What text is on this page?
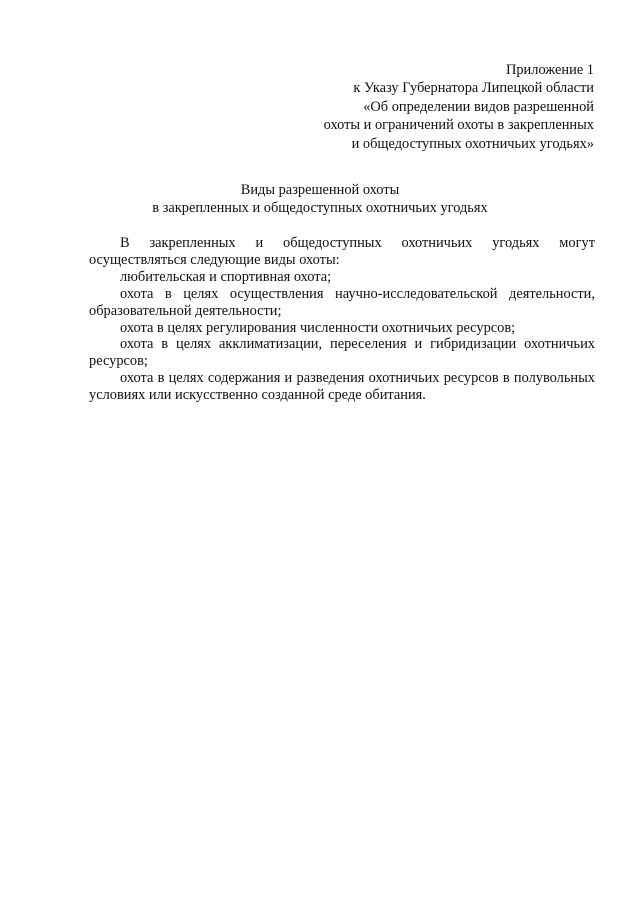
Приложение 1
к Указу Губернатора Липецкой области
«Об определении видов разрешенной
охоты и ограничений охоты в закрепленных
и общедоступных охотничьих угодьях»
Виды разрешенной охоты
в закрепленных и общедоступных охотничьих угодьях

В закрепленных и общедоступных охотничьих угодьях могут осуществляться следующие виды охоты:

любительская и спортивная охота;

охота в целях осуществления научно-исследовательской деятельности, образовательной деятельности;

охота в целях регулирования численности охотничьих ресурсов;

охота в целях акклиматизации, переселения и гибридизации охотничьих ресурсов;

охота в целях содержания и разведения охотничьих ресурсов в полувольных условиях или искусственно созданной среде обитания.
